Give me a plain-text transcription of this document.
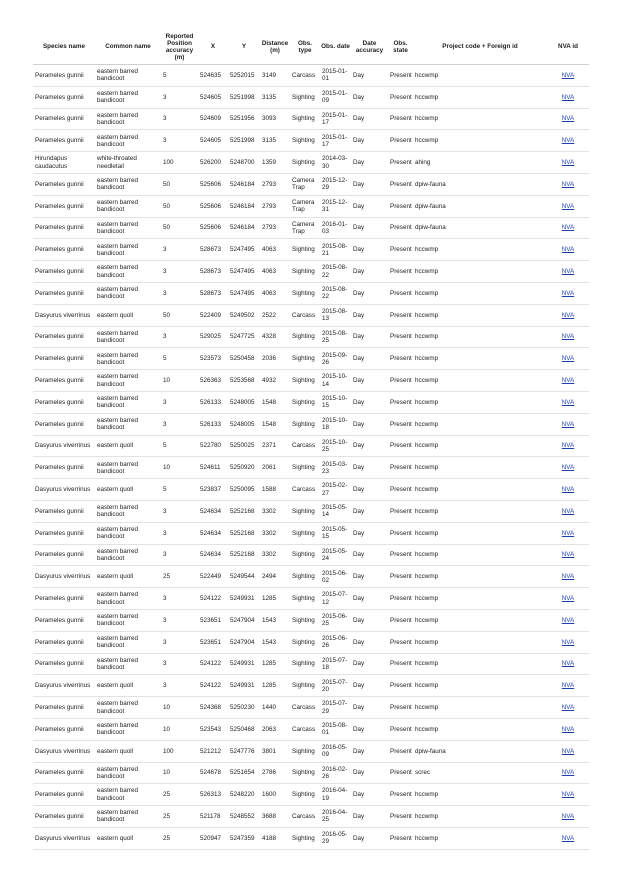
Species name	Common name	Reported Position accuracy (m)	X	Y	Distance (m)	Obs. type	Obs. date	Date accuracy	Obs. state	Project code + Foreign id	NVA id
Perameles gunnii	eastern barred bandicoot	5	524635	5252015	3149	Carcass	2015-01-01	Day	Present	hccwmp	NVA
Perameles gunnii	eastern barred bandicoot	3	524605	5251998	3135	Sighting	2015-01-09	Day	Present	hccwmp	NVA
Perameles gunnii	eastern barred bandicoot	3	524609	5251956	3093	Sighting	2015-01-17	Day	Present	hccwmp	NVA
Perameles gunnii	eastern barred bandicoot	3	524605	5251998	3135	Sighting	2015-01-17	Day	Present	hccwmp	NVA
Hirundapus caudacutus	white-throated needletail	100	526200	5248700	1359	Sighting	2014-03-30	Day	Present	ahing	NVA
Perameles gunnii	eastern barred bandicoot	50	525606	5246184	2793	Camera Trap	2015-12-29	Day	Present	dpiw-fauna	NVA
Perameles gunnii	eastern barred bandicoot	50	525606	5246184	2793	Camera Trap	2015-12-31	Day	Present	dpiw-fauna	NVA
Perameles gunnii	eastern barred bandicoot	50	525606	5246184	2793	Camera Trap	2016-01-03	Day	Present	dpiw-fauna	NVA
Perameles gunnii	eastern barred bandicoot	3	528673	5247495	4063	Sighting	2015-08-21	Day	Present	hccwmp	NVA
Perameles gunnii	eastern barred bandicoot	3	528673	5247495	4063	Sighting	2015-08-22	Day	Present	hccwmp	NVA
Perameles gunnii	eastern barred bandicoot	3	528673	5247495	4063	Sighting	2015-08-22	Day	Present	hccwmp	NVA
Dasyurus viverrinus	eastern quoll	50	522409	5249502	2522	Carcass	2015-08-13	Day	Present	hccwmp	NVA
Perameles gunnii	eastern barred bandicoot	3	529025	5247725	4328	Sighting	2015-08-25	Day	Present	hccwmp	NVA
Perameles gunnii	eastern barred bandicoot	5	523573	5250458	2036	Sighting	2015-09-26	Day	Present	hccwmp	NVA
Perameles gunnii	eastern barred bandicoot	10	526363	5253568	4932	Sighting	2015-10-14	Day	Present	hccwmp	NVA
Perameles gunnii	eastern barred bandicoot	3	526133	5248005	1548	Sighting	2015-10-15	Day	Present	hccwmp	NVA
Perameles gunnii	eastern barred bandicoot	3	526133	5248005	1548	Sighting	2015-10-18	Day	Present	hccwmp	NVA
Dasyurus viverrinus	eastern quoll	5	522780	5250025	2371	Carcass	2015-10-25	Day	Present	hccwmp	NVA
Perameles gunnii	eastern barred bandicoot	10	524611	5250920	2061	Sighting	2015-03-23	Day	Present	hccwmp	NVA
Dasyurus viverrinus	eastern quoll	5	523837	5250095	1588	Carcass	2015-02-27	Day	Present	hccwmp	NVA
Perameles gunnii	eastern barred bandicoot	3	524634	5252168	3302	Sighting	2015-05-14	Day	Present	hccwmp	NVA
Perameles gunnii	eastern barred bandicoot	3	524634	5252168	3302	Sighting	2015-05-15	Day	Present	hccwmp	NVA
Perameles gunnii	eastern barred bandicoot	3	524634	5252168	3302	Sighting	2015-05-24	Day	Present	hccwmp	NVA
Dasyurus viverrinus	eastern quoll	25	522449	5249544	2494	Sighting	2015-06-02	Day	Present	hccwmp	NVA
Perameles gunnii	eastern barred bandicoot	3	524122	5249931	1285	Sighting	2015-07-12	Day	Present	hccwmp	NVA
Perameles gunnii	eastern barred bandicoot	3	523651	5247904	1543	Sighting	2015-06-25	Day	Present	hccwmp	NVA
Perameles gunnii	eastern barred bandicoot	3	523651	5247904	1543	Sighting	2015-06-26	Day	Present	hccwmp	NVA
Perameles gunnii	eastern barred bandicoot	3	524122	5249931	1285	Sighting	2015-07-18	Day	Present	hccwmp	NVA
Dasyurus viverrinus	eastern quoll	3	524122	5249931	1285	Sighting	2015-07-20	Day	Present	hccwmp	NVA
Perameles gunnii	eastern barred bandicoot	10	524368	5250230	1440	Carcass	2015-07-29	Day	Present	hccwmp	NVA
Perameles gunnii	eastern barred bandicoot	10	523543	5250468	2063	Carcass	2015-08-01	Day	Present	hccwmp	NVA
Dasyurus viverrinus	eastern quoll	100	521212	5247776	3801	Sighting	2016-05-09	Day	Present	dpiw-fauna	NVA
Perameles gunnii	eastern barred bandicoot	10	524678	5251654	2786	Sighting	2016-02-26	Day	Present	screc	NVA
Perameles gunnii	eastern barred bandicoot	25	526313	5248220	1600	Sighting	2016-04-19	Day	Present	hccwmp	NVA
Perameles gunnii	eastern barred bandicoot	25	521178	5248552	3688	Carcass	2016-04-25	Day	Present	hccwmp	NVA
Dasyurus viverrinus	eastern quoll	25	520947	5247359	4188	Sighting	2016-05-29	Day	Present	hccwmp	NVA
